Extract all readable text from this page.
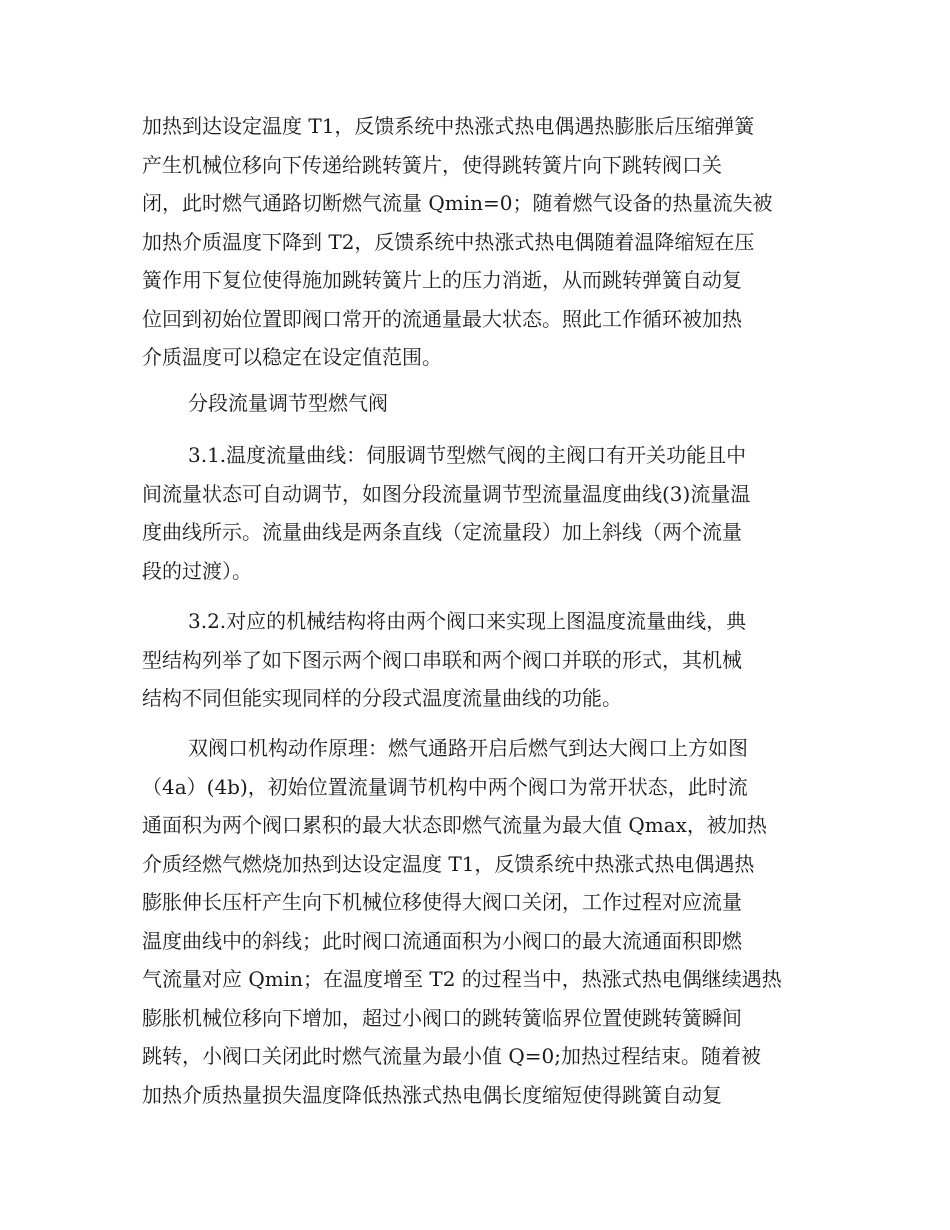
加热到达设定温度 T1，反馈系统中热涨式热电偶遇热膨胀后压缩弹簧
产生机械位移向下传递给跳转簧片，使得跳转簧片向下跳转阀口关
闭，此时燃气通路切断燃气流量 Qmin=0；随着燃气设备的热量流失被
加热介质温度下降到 T2，反馈系统中热涨式热电偶随着温降缩短在压
簧作用下复位使得施加跳转簧片上的压力消逝，从而跳转弹簧自动复
位回到初始位置即阀口常开的流通量最大状态。照此工作循环被加热
介质温度可以稳定在设定值范围。
分段流量调节型燃气阀
3.1.温度流量曲线：伺服调节型燃气阀的主阀口有开关功能且中
间流量状态可自动调节，如图分段流量调节型流量温度曲线(3)流量温
度曲线所示。流量曲线是两条直线（定流量段）加上斜线（两个流量
段的过渡）。
3.2.对应的机械结构将由两个阀口来实现上图温度流量曲线，典
型结构列举了如下图示两个阀口串联和两个阀口并联的形式，其机械
结构不同但能实现同样的分段式温度流量曲线的功能。
双阀口机构动作原理：燃气通路开启后燃气到达大阀口上方如图
（4a）(4b)，初始位置流量调节机构中两个阀口为常开状态，此时流
通面积为两个阀口累积的最大状态即燃气流量为最大值 Qmax，被加热
介质经燃气燃烧加热到达设定温度 T1，反馈系统中热涨式热电偶遇热
膨胀伸长压杆产生向下机械位移使得大阀口关闭，工作过程对应流量
温度曲线中的斜线；此时阀口流通面积为小阀口的最大流通面积即燃
气流量对应 Qmin；在温度增至 T2 的过程当中，热涨式热电偶继续遇热
膨胀机械位移向下增加，超过小阀口的跳转簧临界位置使跳转簧瞬间
跳转，小阀口关闭此时燃气流量为最小值 Q=0;加热过程结束。随着被
加热介质热量损失温度降低热涨式热电偶长度缩短使得跳簧自动复
